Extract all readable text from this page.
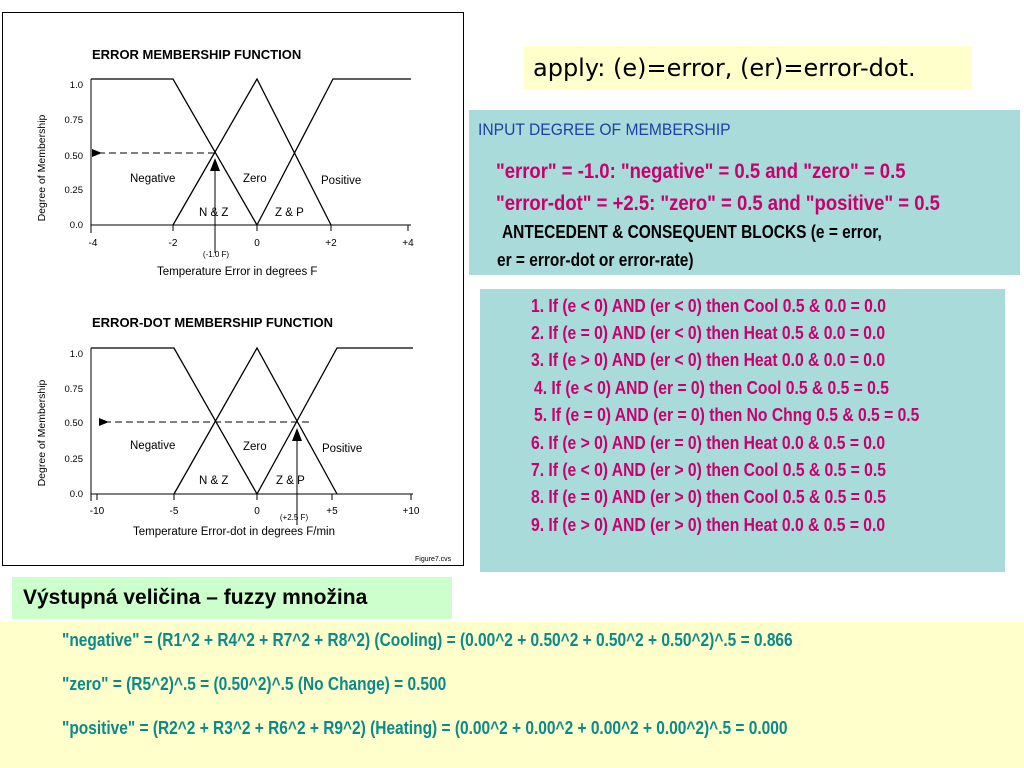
ERROR MEMBERSHIP FUNCTION
Degree of Membership
1.0
0.75
0.50
0.25
0.0
Negative	Zero	Positive
N & Z	Z & P
-4	-2	0	+2	+4
(-1.0 F)
Temperature Error in degrees F
ERROR-DOT MEMBERSHIP FUNCTION
Degree of Membership
1.0
0.75
0.50
0.25
0.0
Negative	Zero	Positive
N & Z	Z & P
-10	-5	0	+5	+10
(+2.5 F)
Temperature Error-dot in degrees F/min
Figure7.cvs
apply: (e)=error, (er)=error-dot.
INPUT DEGREE OF MEMBERSHIP
"error" = -1.0: "negative" = 0.5 and "zero" = 0.5
"error-dot" = +2.5: "zero" = 0.5 and "positive" = 0.5
ANTECEDENT & CONSEQUENT BLOCKS (e = error,
er = error-dot or error-rate)
1. If (e < 0) AND (er < 0) then Cool 0.5 & 0.0 = 0.0
2. If (e = 0) AND (er < 0) then Heat 0.5 & 0.0 = 0.0
3. If (e > 0) AND (er < 0) then Heat 0.0 & 0.0 = 0.0
4. If (e < 0) AND (er = 0) then Cool 0.5 & 0.5 = 0.5
5. If (e = 0) AND (er = 0) then No Chng 0.5 & 0.5 = 0.5
6. If (e > 0) AND (er = 0) then Heat 0.0 & 0.5 = 0.0
7. If (e < 0) AND (er > 0) then Cool 0.5 & 0.5 = 0.5
8. If (e = 0) AND (er > 0) then Cool 0.5 & 0.5 = 0.5
9. If (e > 0) AND (er > 0) then Heat 0.0 & 0.5 = 0.0
Výstupná veličina – fuzzy množina
"negative" = (R1^2 + R4^2 + R7^2 + R8^2) (Cooling) = (0.00^2 + 0.50^2 + 0.50^2 + 0.50^2)^.5 = 0.866
"zero" = (R5^2)^.5 = (0.50^2)^.5 (No Change) = 0.500
"positive" = (R2^2 + R3^2 + R6^2 + R9^2) (Heating) = (0.00^2 + 0.00^2 + 0.00^2 + 0.00^2)^.5 = 0.000
